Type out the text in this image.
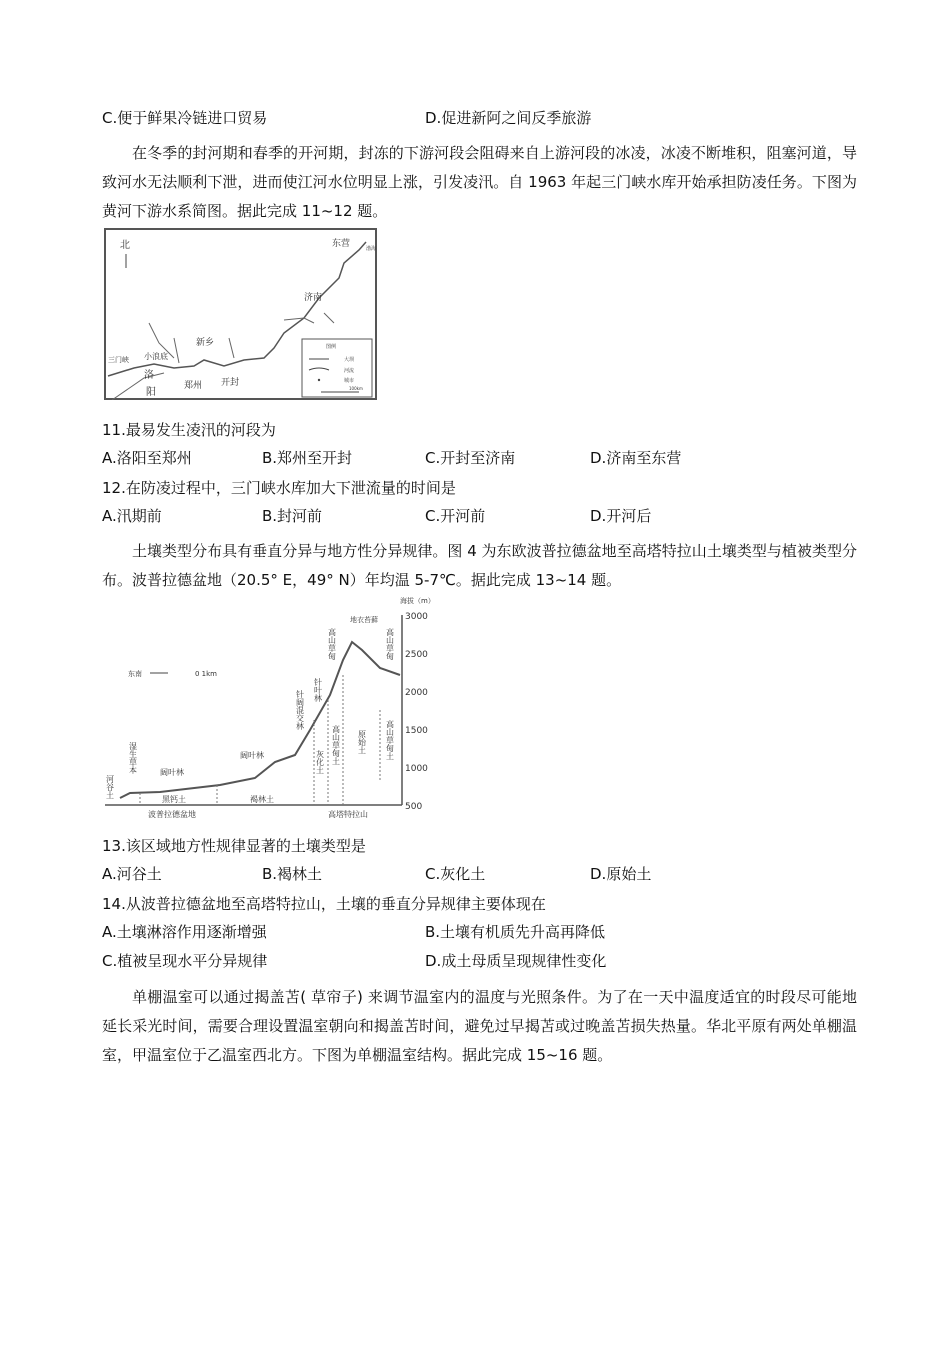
C.便于鲜果冷链进口贸易	D.促进新阿之间反季旅游
在冬季的封河期和春季的开河期，封冻的下游河段会阻碍来自上游河段的冰凌，冰凌不断堆积，阻塞河道，导致河水无法顺利下泄，进而使江河水位明显上涨，引发凌汛。自 1963 年起三门峡水库开始承担防凌任务。下图为黄河下游水系简图。据此完成 11~12 题。
北	东营
济南
新乡
三门峡 小浪底
洛
阳
郑州 开封
渤海
图例
大坝
河流
城市
100km
11.最易发生凌汛的河段为
A.洛阳至郑州	B.郑州至开封	C.开封至济南	D.济南至东营
12.在防凌过程中，三门峡水库加大下泄流量的时间是
A.汛期前	B.封河前	C.开河前	D.开河后
土壤类型分布具有垂直分异与地方性分异规律。图 4 为东欧波普拉德盆地至高塔特拉山土壤类型与植被类型分布。波普拉德盆地（20.5° E，49° N）年均温 5-7℃。据此完成 13~14 题。
海拔（m）
3000
2500
2000
1500
1000
500
东南	0 1km
湿生草本
针阔混交林 针叶林
高山草甸	高山草甸
河谷土
灰化土 高山草甸土 原始土 高山草甸土
阔叶林
阔叶林
地衣苔藓
黑钙土	褐林土
波普拉德盆地	高塔特拉山
13.该区域地方性规律显著的土壤类型是
A.河谷土	B.褐林土	C.灰化土	D.原始土
14.从波普拉德盆地至高塔特拉山，土壤的垂直分异规律主要体现在
A.土壤淋溶作用逐渐增强	B.土壤有机质先升高再降低
C.植被呈现水平分异规律	D.成土母质呈现规律性变化
单棚温室可以通过揭盖苫( 草帘子) 来调节温室内的温度与光照条件。为了在一天中温度适宜的时段尽可能地延长采光时间，需要合理设置温室朝向和揭盖苫时间，避免过早揭苫或过晚盖苫损失热量。华北平原有两处单棚温室，甲温室位于乙温室西北方。下图为单棚温室结构。据此完成 15~16 题。
